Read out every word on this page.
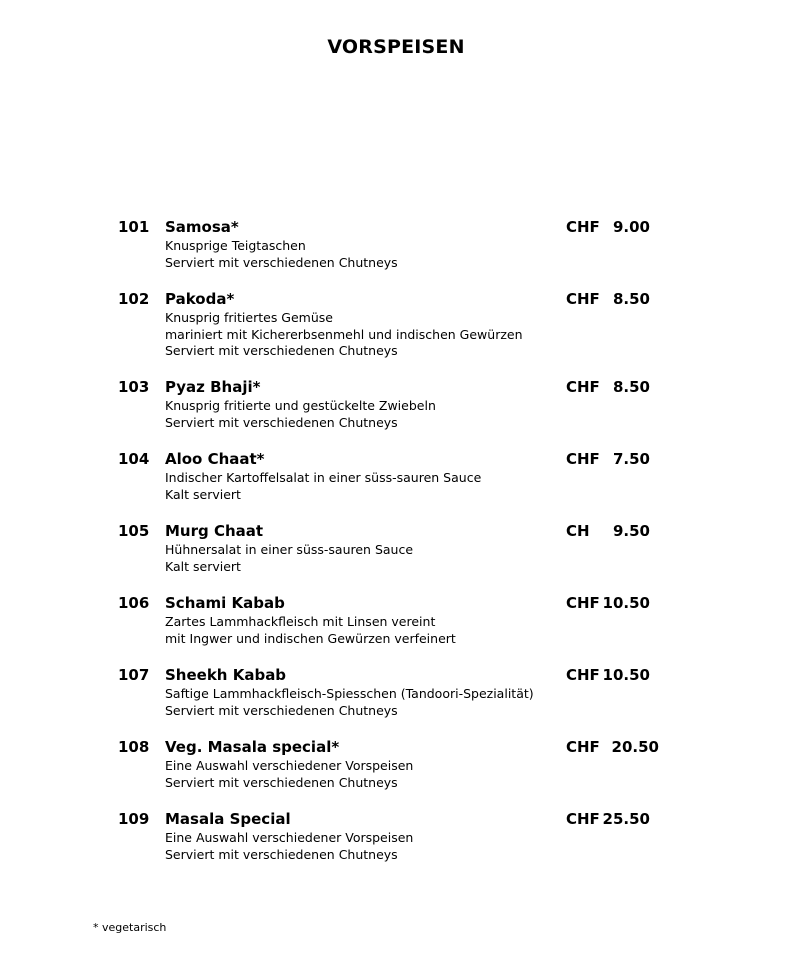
VORSPEISEN
101 Samosa*	CHF 9.00
Knusprige Teigtaschen
Serviert mit verschiedenen Chutneys
102 Pakoda*	CHF 8.50
Knusprig fritiertes Gemüse
mariniert mit Kichererbsenmehl und indischen Gewürzen
Serviert mit verschiedenen Chutneys
103 Pyaz Bhaji*	CHF 8.50
Knusprig fritierte und gestückelte Zwiebeln
Serviert mit verschiedenen Chutneys
104 Aloo Chaat*	CHF 7.50
Indischer Kartoffelsalat in einer süss-sauren Sauce
Kalt serviert
105 Murg Chaat	CH 9.50
Hühnersalat in einer süss-sauren Sauce
Kalt serviert
106 Schami Kabab	CHF 10.50
Zartes Lammhackfleisch mit Linsen vereint
mit Ingwer und indischen Gewürzen verfeinert
107 Sheekh Kabab	CHF 10.50
Saftige Lammhackfleisch-Spiesschen (Tandoori-Spezialität)
Serviert mit verschiedenen Chutneys
108 Veg. Masala special*	CHF 20.50
Eine Auswahl verschiedener Vorspeisen
Serviert mit verschiedenen Chutneys
109 Masala Special	CHF 25.50
Eine Auswahl verschiedener Vorspeisen
Serviert mit verschiedenen Chutneys
* vegetarisch
